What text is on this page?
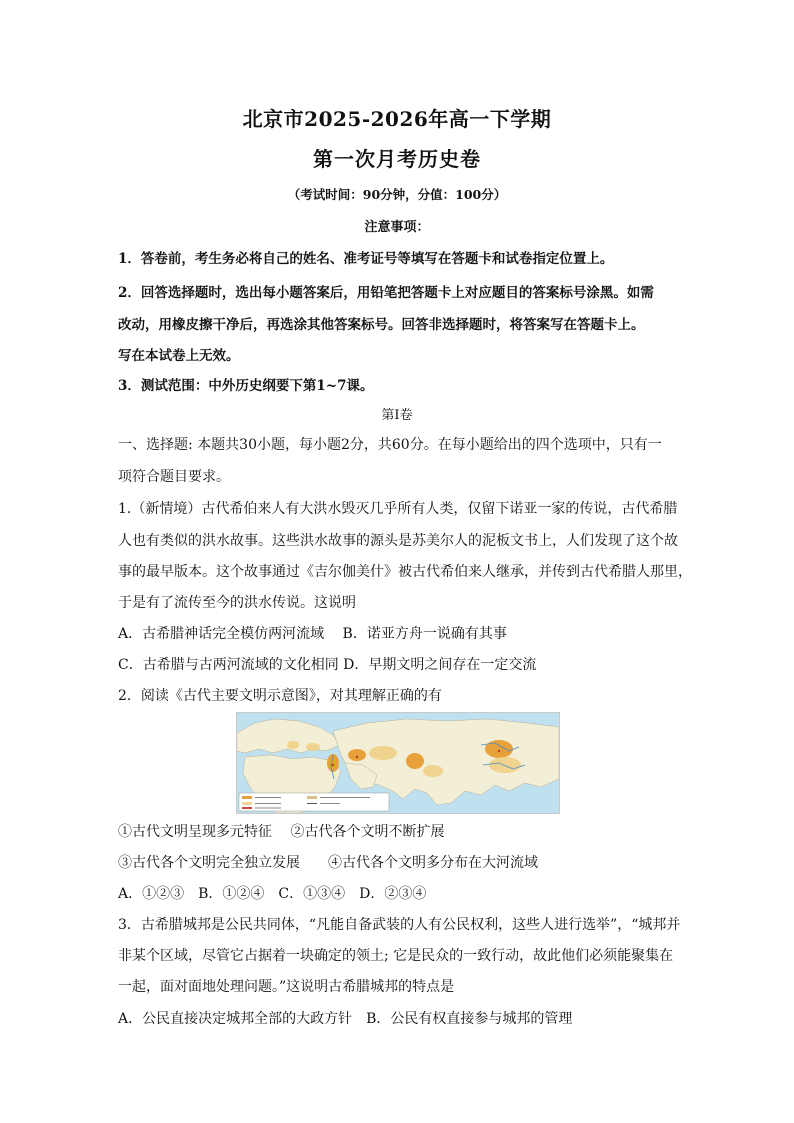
北京市2025-2026年高一下学期
第一次月考历史卷
（考试时间：90分钟，分值：100分）
注意事项：
1．答卷前，考生务必将自己的姓名、准考证号等填写在答题卡和试卷指定位置上。
2．回答选择题时，选出每小题答案后，用铅笔把答题卡上对应题目的答案标号涂黑。如需
改动，用橡皮擦干净后，再选涂其他答案标号。回答非选择题时，将答案写在答题卡上。
写在本试卷上无效。
3．测试范围：中外历史纲要下第1~7课。
第Ⅰ卷
一、选择题: 本题共30小题，每小题2分，共60分。在每小题给出的四个选项中，只有一
项符合题目要求。
1.（新情境）古代希伯来人有大洪水毁灭几乎所有人类，仅留下诺亚一家的传说，古代希腊
人也有类似的洪水故事。这些洪水故事的源头是苏美尔人的泥板文书上，人们发现了这个故
事的最早版本。这个故事通过《吉尔伽美什》被古代希伯来人继承，并传到古代希腊人那里，
于是有了流传至今的洪水传说。这说明
A．古希腊神话完全模仿两河流域　 B．诺亚方舟一说确有其事
C．古希腊与古两河流域的文化相同 D．早期文明之间存在一定交流
2．阅读《古代主要文明示意图》，对其理解正确的有
①古代文明呈现多元特征　 ②古代各个文明不断扩展
③古代各个文明完全独立发展　　④古代各个文明多分布在大河流域
A．①②③　B．①②④　C．①③④　D．②③④
3．古希腊城邦是公民共同体，“凡能自备武装的人有公民权利，这些人进行选举”，“城邦并
非某个区域，尽管它占据着一块确定的领土; 它是民众的一致行动，故此他们必须能聚集在
一起，面对面地处理问题。”这说明古希腊城邦的特点是
A．公民直接决定城邦全部的大政方针　B．公民有权直接参与城邦的管理
